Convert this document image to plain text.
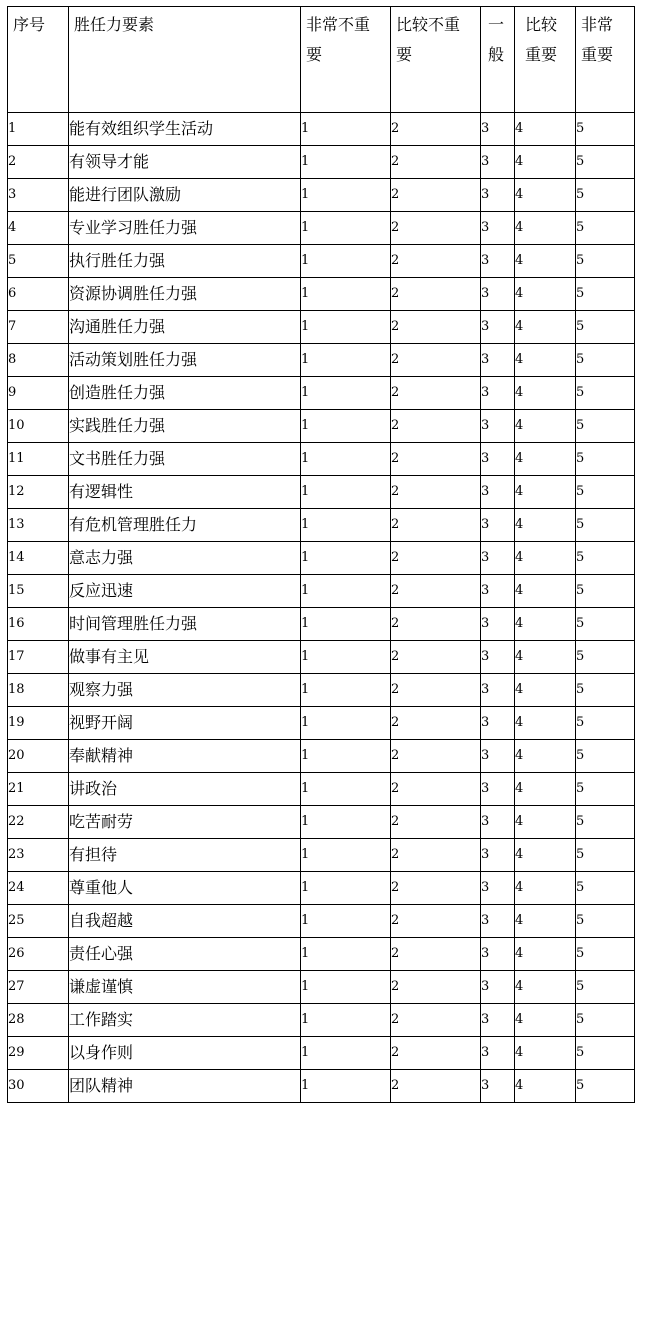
序号	胜任力要素	非常不重要	比较不重要	一般	比较重要	非常重要

1	能有效组织学生活动	1	2	3	4	5
2	有领导才能	1	2	3	4	5
3	能进行团队激励	1	2	3	4	5
4	专业学习胜任力强	1	2	3	4	5
5	执行胜任力强	1	2	3	4	5
6	资源协调胜任力强	1	2	3	4	5
7	沟通胜任力强	1	2	3	4	5
8	活动策划胜任力强	1	2	3	4	5
9	创造胜任力强	1	2	3	4	5
10	实践胜任力强	1	2	3	4	5
11	文书胜任力强	1	2	3	4	5
12	有逻辑性	1	2	3	4	5
13	有危机管理胜任力	1	2	3	4	5
14	意志力强	1	2	3	4	5
15	反应迅速	1	2	3	4	5
16	时间管理胜任力强	1	2	3	4	5
17	做事有主见	1	2	3	4	5
18	观察力强	1	2	3	4	5
19	视野开阔	1	2	3	4	5
20	奉献精神	1	2	3	4	5
21	讲政治	1	2	3	4	5
22	吃苦耐劳	1	2	3	4	5
23	有担待	1	2	3	4	5
24	尊重他人	1	2	3	4	5
25	自我超越	1	2	3	4	5
26	责任心强	1	2	3	4	5
27	谦虚谨慎	1	2	3	4	5
28	工作踏实	1	2	3	4	5
29	以身作则	1	2	3	4	5
30	团队精神	1	2	3	4	5
